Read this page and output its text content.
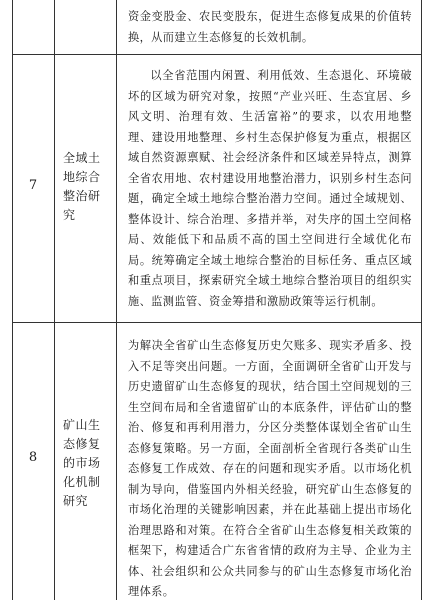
资金变股金、农民变股东，促进生态修复成果的价值转换，从而建立生态修复的长效机制。

7
全域土地综合整治研究

以全省范围内闲置、利用低效、生态退化、环境破坏的区域为研究对象，按照“产业兴旺、生态宜居、乡风文明、治理有效、生活富裕”的要求，以农用地整理、建设用地整理、乡村生态保护修复为重点，根据区域自然资源禀赋、社会经济条件和区域差异特点，测算全省农用地、农村建设用地整治潜力，识别乡村生态问题，确定全域土地综合整治潜力空间。通过全域规划、整体设计、综合治理、多措并举，对失序的国土空间格局、效能低下和品质不高的国土空间进行全域优化布局。统筹确定全域土地综合整治的目标任务、重点区域和重点项目，探索研究全域土地综合整治项目的组织实施、监测监管、资金筹措和激励政策等运行机制。

8
矿山生态修复的市场化机制研究

为解决全省矿山生态修复历史欠账多、现实矛盾多、投入不足等突出问题。一方面，全面调研全省矿山开发与历史遗留矿山生态修复的现状，结合国土空间规划的三生空间布局和全省遗留矿山的本底条件，评估矿山的整治、修复和再利用潜力，分区分类整体谋划全省矿山生态修复策略。另一方面，全面剖析全省现行各类矿山生态修复工作成效、存在的问题和现实矛盾。以市场化机制为导向，借鉴国内外相关经验，研究矿山生态修复的市场化治理的关键影响因素，并在此基础上提出市场化治理思路和对策。在符合全省矿山生态修复相关政策的框架下，构建适合广东省省情的政府为主导、企业为主体、社会组织和公众共同参与的矿山生态修复市场化治理体系。
